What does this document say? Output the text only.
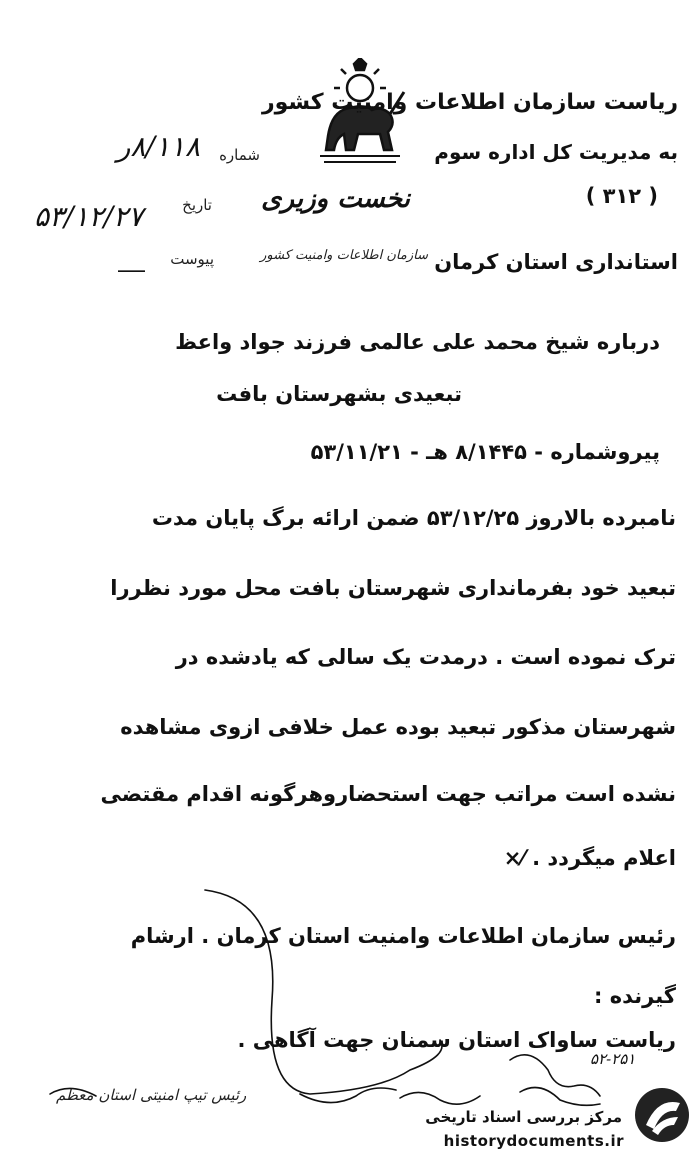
ریاست سازمان اطلاعات وامنیت کشور
شماره
۸/۱۱۸ر	به مدیریت کل اداره سوم
( ۳۱۲ )
نخست وزیری
تاریخ
۵۳/۱۲/۲۷
استانداری استان کرمان
سازمان اطلاعات وامنیت کشور
پیوست
___
درباره شیخ محمد علی عالمی فرزند جواد واعظ
تبعیدی بشهرستان بافت
پیروشماره - ۸/۱۴۴۵ هـ - ۵۳/۱۱/۲۱
نامبرده بالاروز ۵۳/۱۲/۲۵ ضمن ارائه برگ پایان مدت
تبعید خود بفرمانداری شهرستان بافت محل مورد نظررا
ترک نموده است . درمدت یک سالی که یادشده در
شهرستان مذکور تبعید بوده عمل خلافی ازوی مشاهده
نشده است مراتب جهت استحضاروهرگونه اقدام مقتضی
اعلام میگردد . ⁄×
رئیس سازمان اطلاعات وامنیت استان کرمان . ارشام
گیرنده :
ریاست ساواک استان سمنان جهت آگاهی .
رئیس تیپ امنیتی استان معظم
۵۲-۲۵۱
مرکز بررسی اسناد تاریخی
historydocuments.ir
